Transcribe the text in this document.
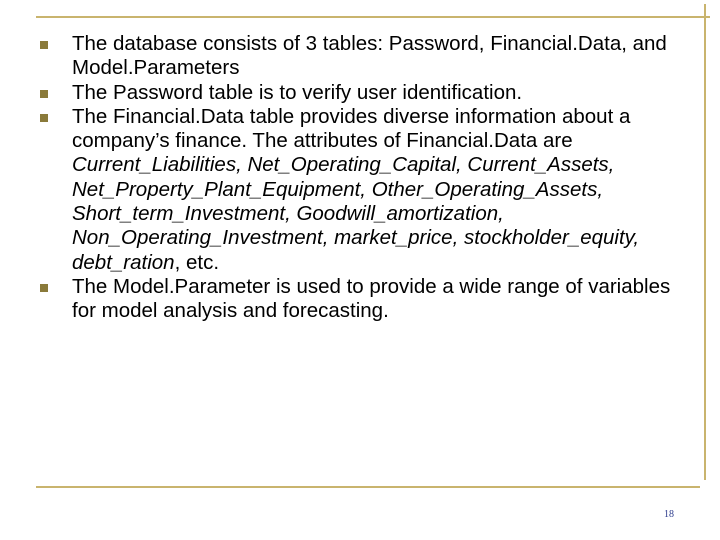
The database consists of 3 tables: Password, Financial.Data, and Model.Parameters
The Password table is to verify user identification.
The Financial.Data table provides diverse information about a company’s finance. The attributes of Financial.Data are Current_Liabilities, Net_Operating_Capital, Current_Assets, Net_Property_Plant_Equipment, Other_Operating_Assets, Short_term_Investment, Goodwill_amortization, Non_Operating_Investment, market_price, stockholder_equity, debt_ration, etc.
The Model.Parameter is used to provide a wide range of variables for model analysis and forecasting.
18
